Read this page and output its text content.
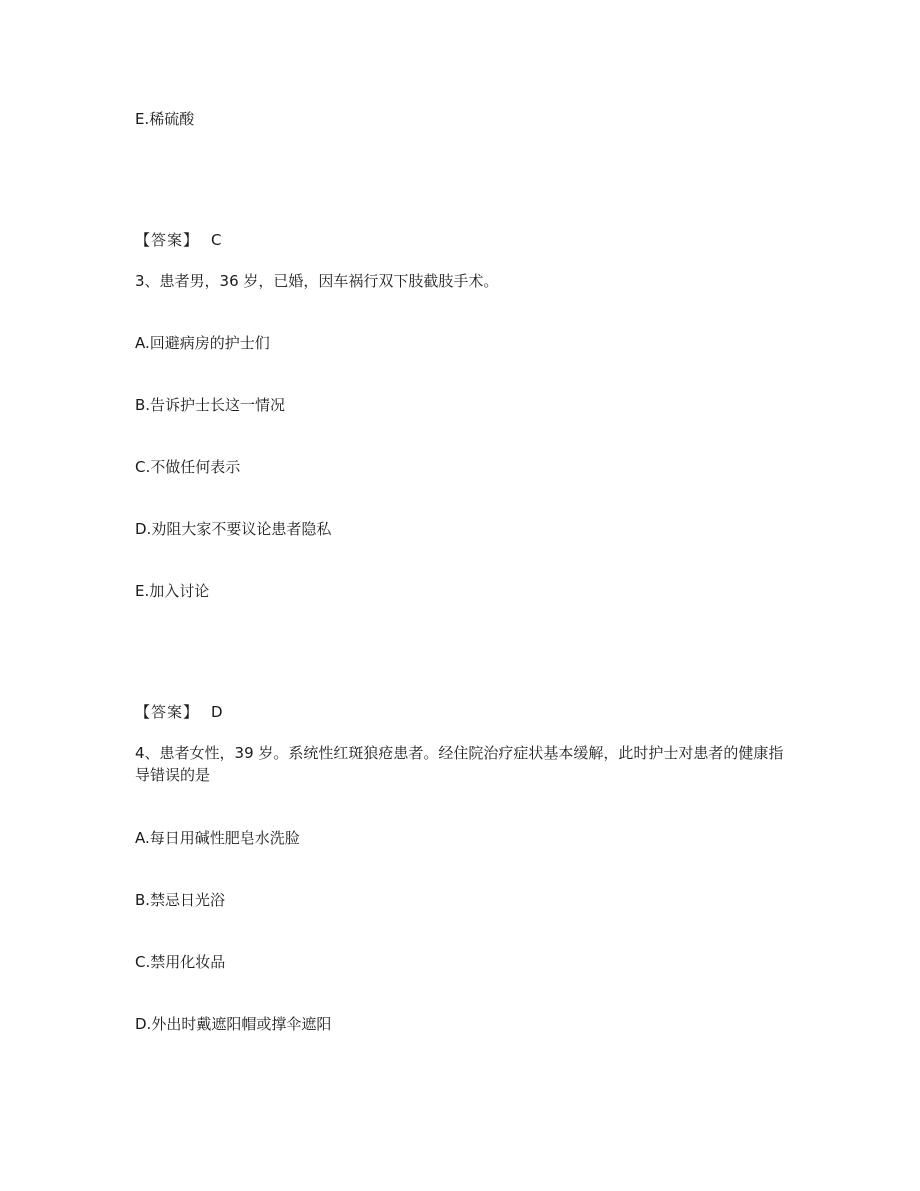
E.稀硫酸

【答案】 C

3、患者男，36 岁，已婚，因车祸行双下肢截肢手术。

A.回避病房的护士们

B.告诉护士长这一情况

C.不做任何表示

D.劝阻大家不要议论患者隐私

E.加入讨论

【答案】 D

4、患者女性，39 岁。系统性红斑狼疮患者。经住院治疗症状基本缓解，此时护士对患者的健康指导错误的是

A.每日用碱性肥皂水洗脸

B.禁忌日光浴

C.禁用化妆品

D.外出时戴遮阳帽或撑伞遮阳
